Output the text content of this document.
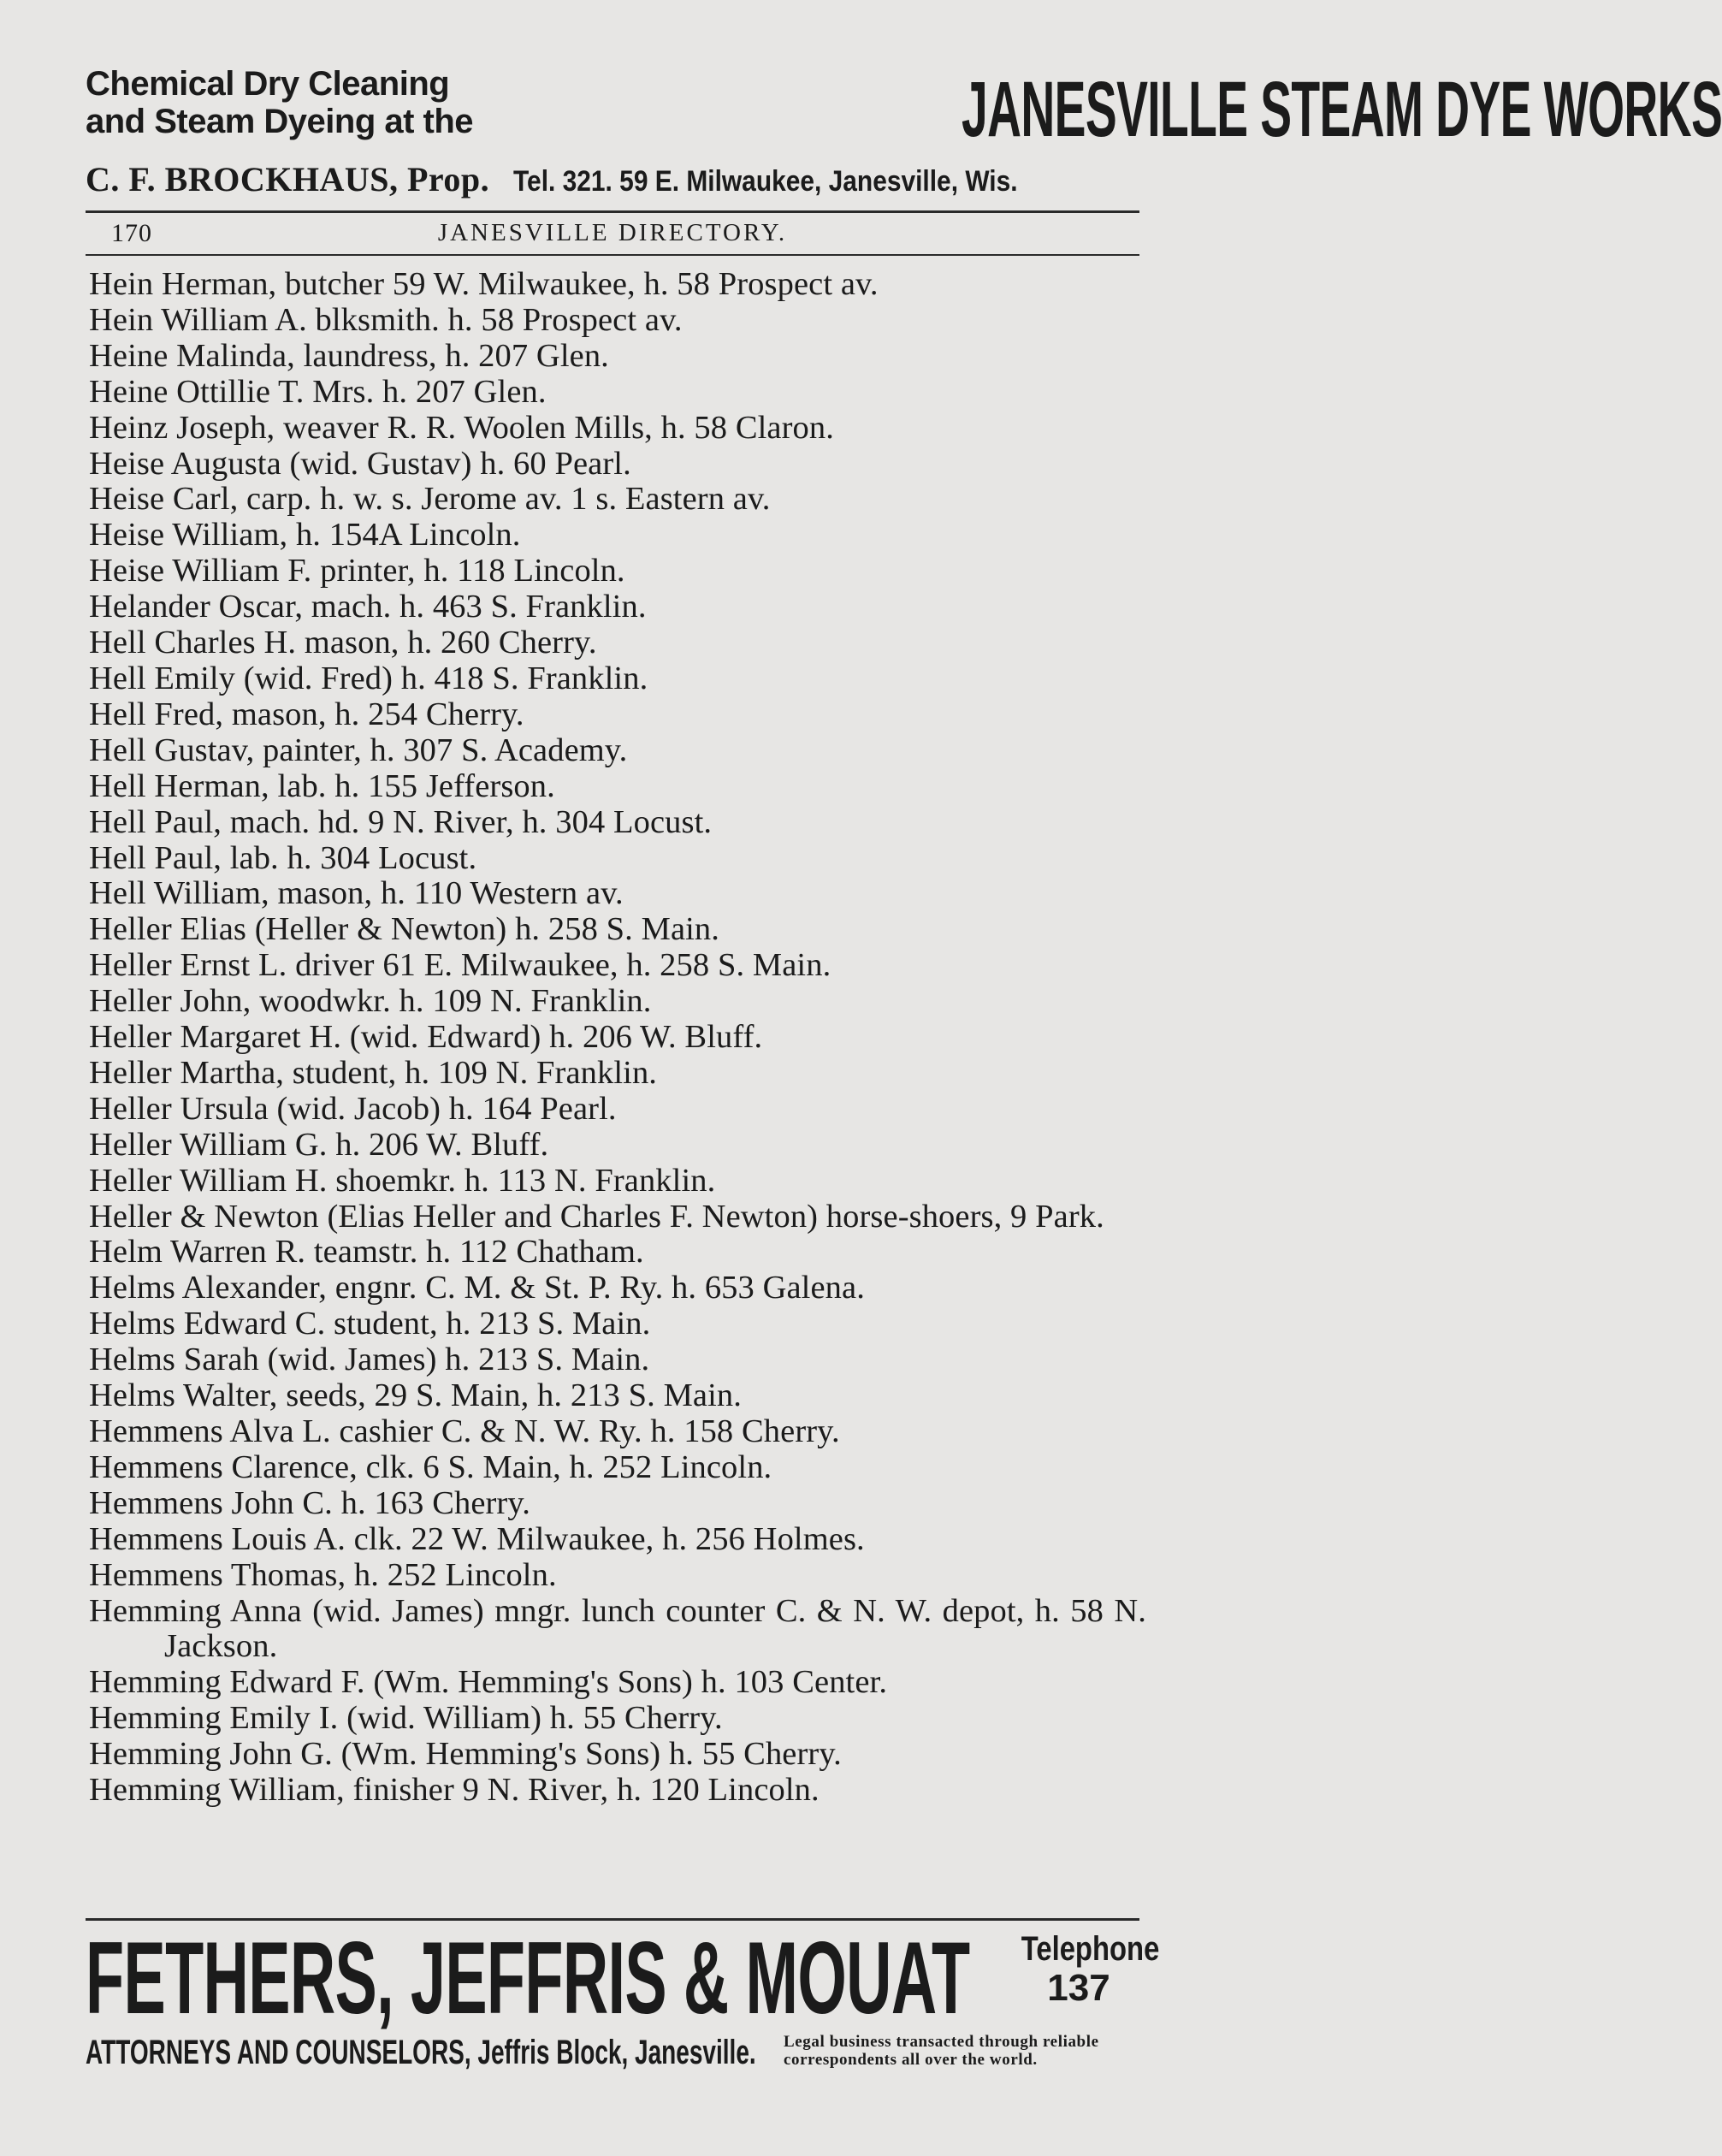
Chemical Dry Cleaning
and Steam Dyeing at the	JANESVILLE STEAM DYE WORKS
C. F. BROCKHAUS, Prop. Tel. 321. 59 E. Milwaukee, Janesville, Wis.
JANESVILLE DIRECTORY.
170
Hein Herman, butcher 59 W. Milwaukee, h. 58 Prospect av.
Hein William A. blksmith. h. 58 Prospect av.
Heine Malinda, laundress, h. 207 Glen.
Heine Ottillie T. Mrs. h. 207 Glen.
Heinz Joseph, weaver R. R. Woolen Mills, h. 58 Claron.
Heise Augusta (wid. Gustav) h. 60 Pearl.
Heise Carl, carp. h. w. s. Jerome av. 1 s. Eastern av.
Heise William, h. 154A Lincoln.
Heise William F. printer, h. 118 Lincoln.
Helander Oscar, mach. h. 463 S. Franklin.
Hell Charles H. mason, h. 260 Cherry.
Hell Emily (wid. Fred) h. 418 S. Franklin.
Hell Fred, mason, h. 254 Cherry.
Hell Gustav, painter, h. 307 S. Academy.
Hell Herman, lab. h. 155 Jefferson.
Hell Paul, mach. hd. 9 N. River, h. 304 Locust.
Hell Paul, lab. h. 304 Locust.
Hell William, mason, h. 110 Western av.
Heller Elias (Heller & Newton) h. 258 S. Main.
Heller Ernst L. driver 61 E. Milwaukee, h. 258 S. Main.
Heller John, woodwkr. h. 109 N. Franklin.
Heller Margaret H. (wid. Edward) h. 206 W. Bluff.
Heller Martha, student, h. 109 N. Franklin.
Heller Ursula (wid. Jacob) h. 164 Pearl.
Heller William G. h. 206 W. Bluff.
Heller William H. shoemkr. h. 113 N. Franklin.
Heller & Newton (Elias Heller and Charles F. Newton) horse-shoers, 9 Park.
Helm Warren R. teamstr. h. 112 Chatham.
Helms Alexander, engnr. C. M. & St. P. Ry. h. 653 Galena.
Helms Edward C. student, h. 213 S. Main.
Helms Sarah (wid. James) h. 213 S. Main.
Helms Walter, seeds, 29 S. Main, h. 213 S. Main.
Hemmens Alva L. cashier C. & N. W. Ry. h. 158 Cherry.
Hemmens Clarence, clk. 6 S. Main, h. 252 Lincoln.
Hemmens John C. h. 163 Cherry.
Hemmens Louis A. clk. 22 W. Milwaukee, h. 256 Holmes.
Hemmens Thomas, h. 252 Lincoln.
Hemming Anna (wid. James) mngr. lunch counter C. & N. W. depot, h. 58 N. Jackson.
Hemming Edward F. (Wm. Hemming's Sons) h. 103 Center.
Hemming Emily I. (wid. William) h. 55 Cherry.
Hemming John G. (Wm. Hemming's Sons) h. 55 Cherry.
Hemming William, finisher 9 N. River, h. 120 Lincoln.
FETHERS, JEFFRIS & MOUAT	Telephone
137
ATTORNEYS AND COUNSELORS, Jeffris Block, Janesville.	Legal business transacted through reliable correspondents all over the world.
